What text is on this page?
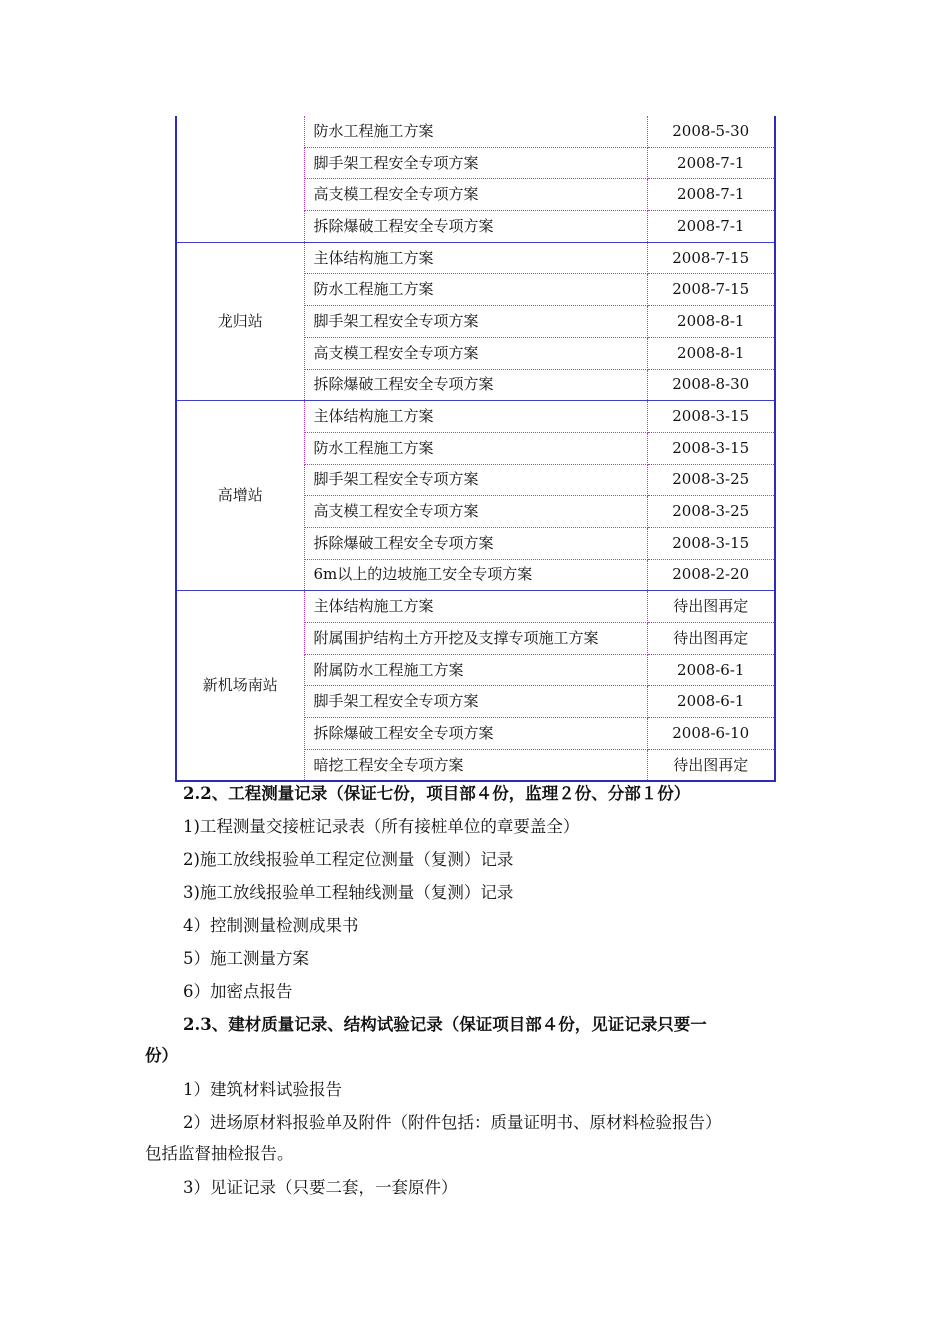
	防水工程施工方案	2008-5-30
	脚手架工程安全专项方案	2008-7-1
	高支模工程安全专项方案	2008-7-1
	拆除爆破工程安全专项方案	2008-7-1
龙归站	主体结构施工方案	2008-7-15
	防水工程施工方案	2008-7-15
	脚手架工程安全专项方案	2008-8-1
	高支模工程安全专项方案	2008-8-1
	拆除爆破工程安全专项方案	2008-8-30
高增站	主体结构施工方案	2008-3-15
	防水工程施工方案	2008-3-15
	脚手架工程安全专项方案	2008-3-25
	高支模工程安全专项方案	2008-3-25
	拆除爆破工程安全专项方案	2008-3-15
	6m以上的边坡施工安全专项方案	2008-2-20
新机场南站	主体结构施工方案	待出图再定
	附属围护结构土方开挖及支撑专项施工方案	待出图再定
	附属防水工程施工方案	2008-6-1
	脚手架工程安全专项方案	2008-6-1
	拆除爆破工程安全专项方案	2008-6-10
	暗挖工程安全专项方案	待出图再定
2.2、工程测量记录（保证七份，项目部４份，监理２份、分部１份）
1)工程测量交接桩记录表（所有接桩单位的章要盖全）
2)施工放线报验单工程定位测量（复测）记录
3)施工放线报验单工程轴线测量（复测）记录
4）控制测量检测成果书
5）施工测量方案
6）加密点报告
2.3、建材质量记录、结构试验记录（保证项目部４份，见证记录只要一
份）
1）建筑材料试验报告
2）进场原材料报验单及附件（附件包括：质量证明书、原材料检验报告）
包括监督抽检报告。
3）见证记录（只要二套，一套原件）
